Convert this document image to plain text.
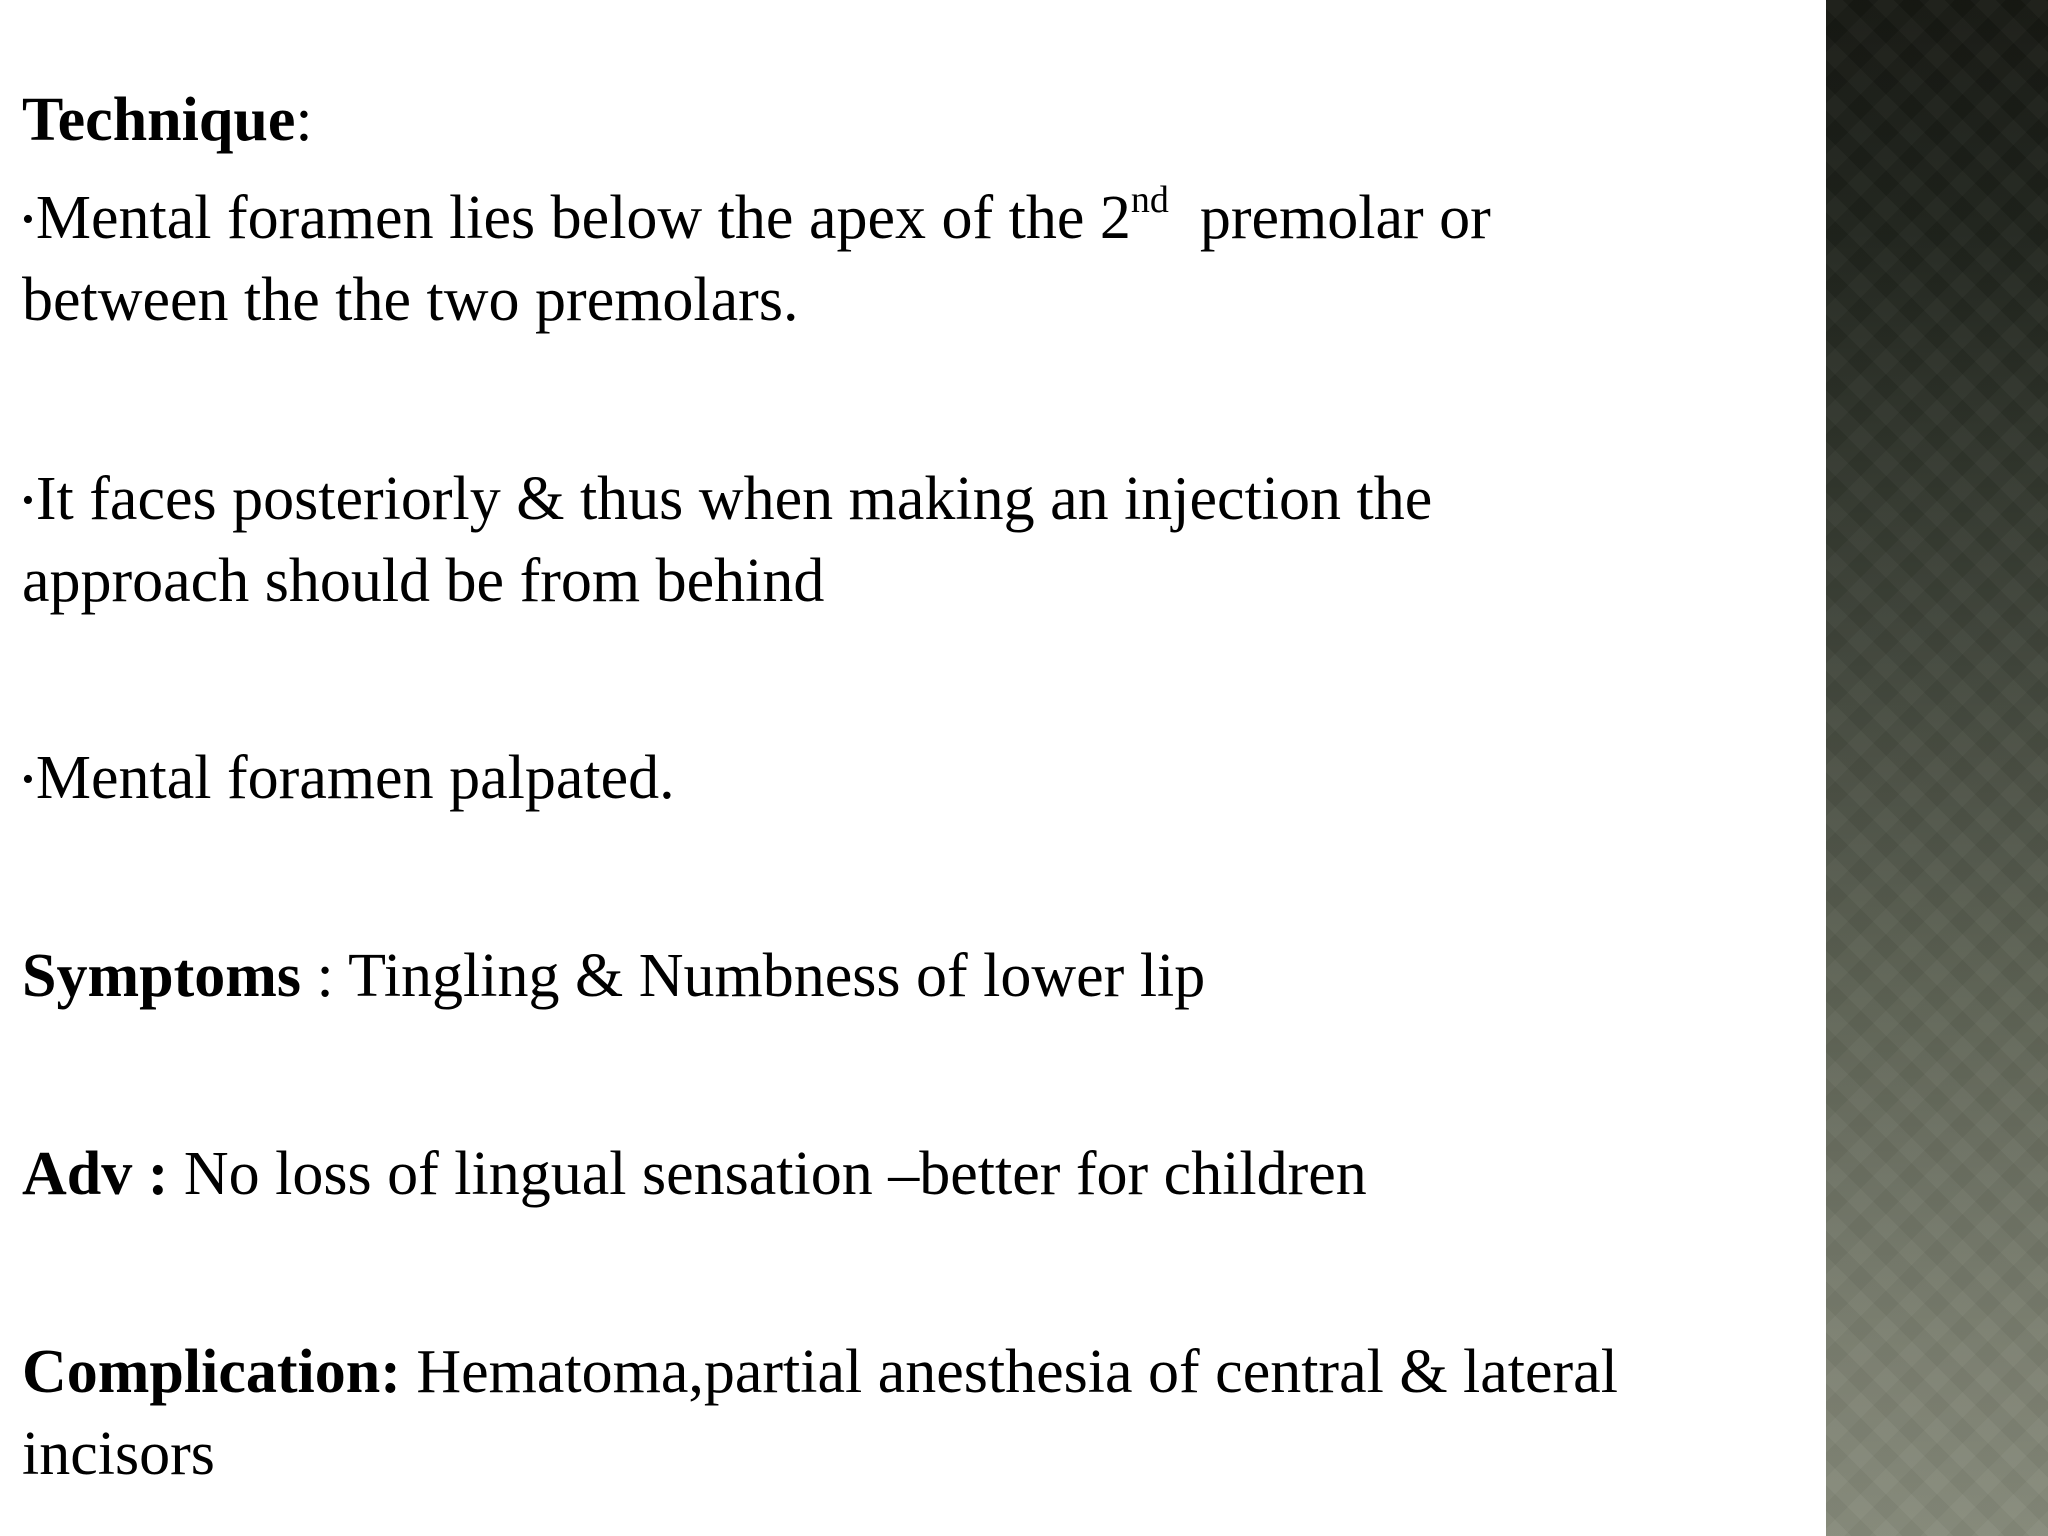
Technique:
•Mental foramen lies below the apex of the 2nd  premolar or
between the the two premolars.
•It faces posteriorly & thus when making an injection the
approach should be from behind
•Mental foramen palpated.
Symptoms : Tingling & Numbness of lower lip
Adv : No loss of lingual sensation –better for children
Complication: Hematoma,partial anesthesia of central & lateral
incisors
